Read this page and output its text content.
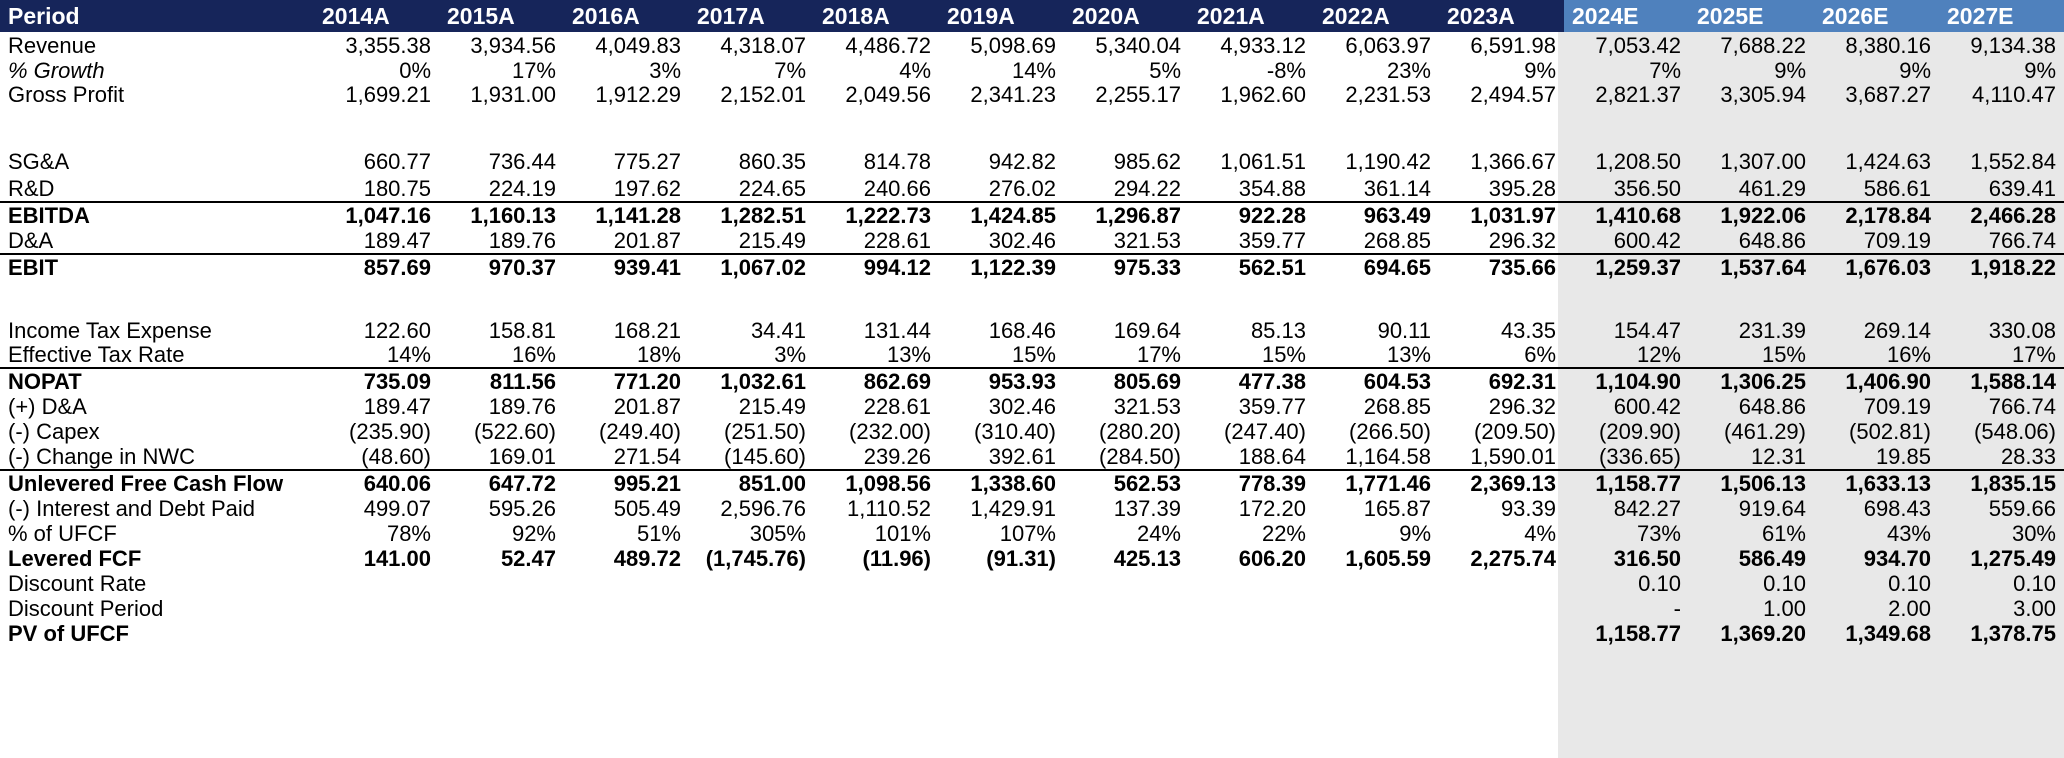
Period	2014A	2015A	2016A	2017A	2018A	2019A	2020A	2021A	2022A	2023A	2024E	2025E	2026E	2027E
Revenue	3,355.38	3,934.56	4,049.83	4,318.07	4,486.72	5,098.69	5,340.04	4,933.12	6,063.97	6,591.98	7,053.42	7,688.22	8,380.16	9,134.38
% Growth	0%	17%	3%	7%	4%	14%	5%	-8%	23%	9%	7%	9%	9%	9%
Gross Profit	1,699.21	1,931.00	1,912.29	2,152.01	2,049.56	2,341.23	2,255.17	1,962.60	2,231.53	2,494.57	2,821.37	3,305.94	3,687.27	4,110.47

SG&A	660.77	736.44	775.27	860.35	814.78	942.82	985.62	1,061.51	1,190.42	1,366.67	1,208.50	1,307.00	1,424.63	1,552.84
R&D	180.75	224.19	197.62	224.65	240.66	276.02	294.22	354.88	361.14	395.28	356.50	461.29	586.61	639.41
EBITDA	1,047.16	1,160.13	1,141.28	1,282.51	1,222.73	1,424.85	1,296.87	922.28	963.49	1,031.97	1,410.68	1,922.06	2,178.84	2,466.28
D&A	189.47	189.76	201.87	215.49	228.61	302.46	321.53	359.77	268.85	296.32	600.42	648.86	709.19	766.74
EBIT	857.69	970.37	939.41	1,067.02	994.12	1,122.39	975.33	562.51	694.65	735.66	1,259.37	1,537.64	1,676.03	1,918.22

Income Tax Expense	122.60	158.81	168.21	34.41	131.44	168.46	169.64	85.13	90.11	43.35	154.47	231.39	269.14	330.08
Effective Tax Rate	14%	16%	18%	3%	13%	15%	17%	15%	13%	6%	12%	15%	16%	17%
NOPAT	735.09	811.56	771.20	1,032.61	862.69	953.93	805.69	477.38	604.53	692.31	1,104.90	1,306.25	1,406.90	1,588.14
(+) D&A	189.47	189.76	201.87	215.49	228.61	302.46	321.53	359.77	268.85	296.32	600.42	648.86	709.19	766.74
(-) Capex	(235.90)	(522.60)	(249.40)	(251.50)	(232.00)	(310.40)	(280.20)	(247.40)	(266.50)	(209.50)	(209.90)	(461.29)	(502.81)	(548.06)
(-) Change in NWC	(48.60)	169.01	271.54	(145.60)	239.26	392.61	(284.50)	188.64	1,164.58	1,590.01	(336.65)	12.31	19.85	28.33
Unlevered Free Cash Flow	640.06	647.72	995.21	851.00	1,098.56	1,338.60	562.53	778.39	1,771.46	2,369.13	1,158.77	1,506.13	1,633.13	1,835.15
(-) Interest and Debt Paid	499.07	595.26	505.49	2,596.76	1,110.52	1,429.91	137.39	172.20	165.87	93.39	842.27	919.64	698.43	559.66
% of UFCF	78%	92%	51%	305%	101%	107%	24%	22%	9%	4%	73%	61%	43%	30%
Levered FCF	141.00	52.47	489.72	(1,745.76)	(11.96)	(91.31)	425.13	606.20	1,605.59	2,275.74	316.50	586.49	934.70	1,275.49
Discount Rate											0.10	0.10	0.10	0.10
Discount Period											-	1.00	2.00	3.00
PV of UFCF											1,158.77	1,369.20	1,349.68	1,378.75
